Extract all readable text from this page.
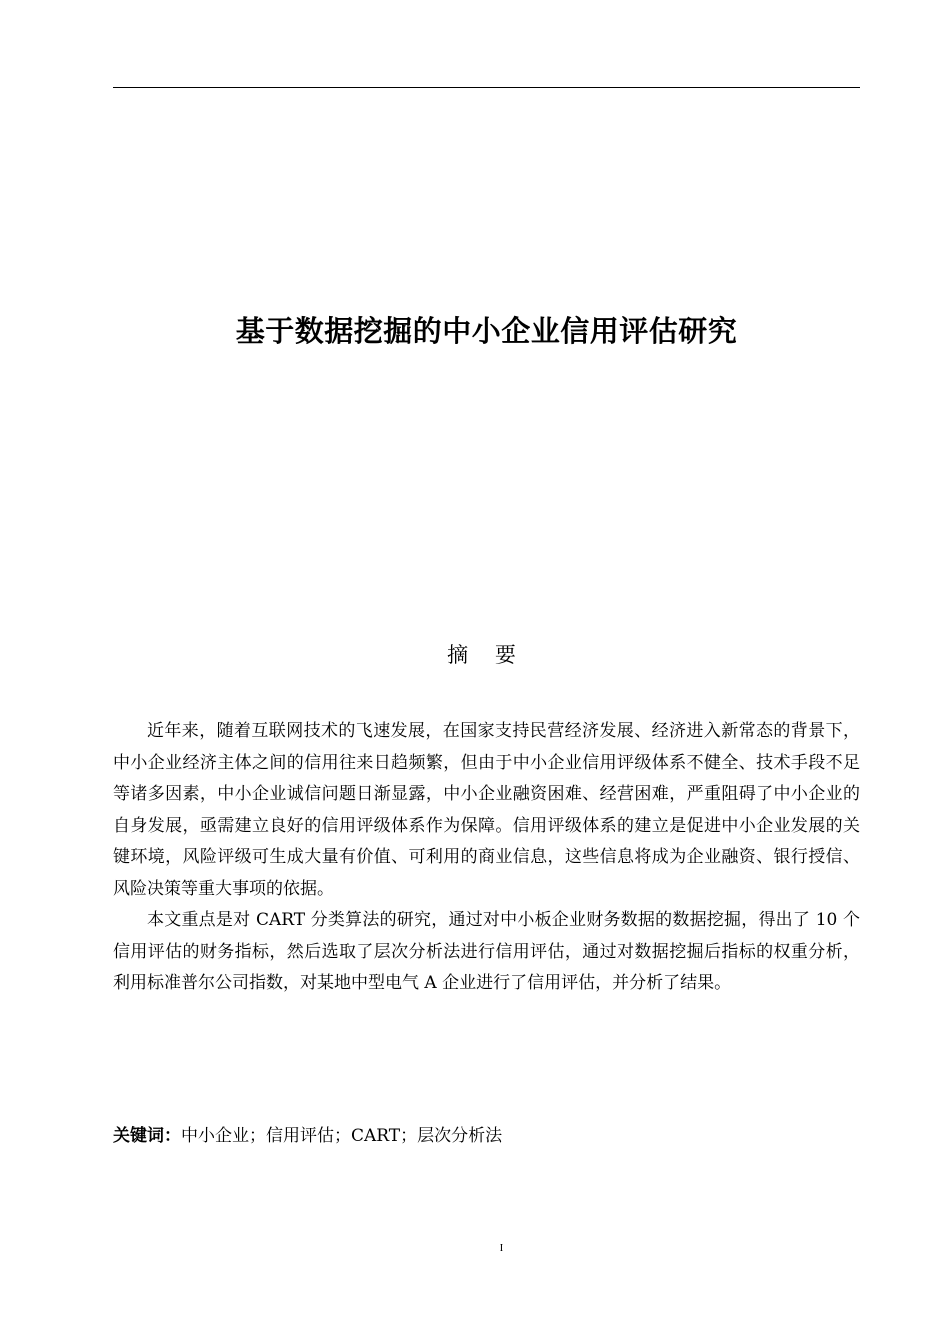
基于数据挖掘的中小企业信用评估研究
摘 要

近年来，随着互联网技术的飞速发展，在国家支持民营经济发展、经济进入新常态的背景下，中小企业经济主体之间的信用往来日趋频繁，但由于中小企业信用评级体系不健全、技术手段不足等诸多因素，中小企业诚信问题日渐显露，中小企业融资困难、经营困难，严重阻碍了中小企业的自身发展，亟需建立良好的信用评级体系作为保障。信用评级体系的建立是促进中小企业发展的关键环境，风险评级可生成大量有价值、可利用的商业信息，这些信息将成为企业融资、银行授信、风险决策等重大事项的依据。

本文重点是对 CART 分类算法的研究，通过对中小板企业财务数据的数据挖掘，得出了 10 个信用评估的财务指标，然后选取了层次分析法进行信用评估，通过对数据挖掘后指标的权重分析，利用标准普尔公司指数，对某地中型电气 A 企业进行了信用评估，并分析了结果。

关键词：中小企业；信用评估；CART；层次分析法
I
